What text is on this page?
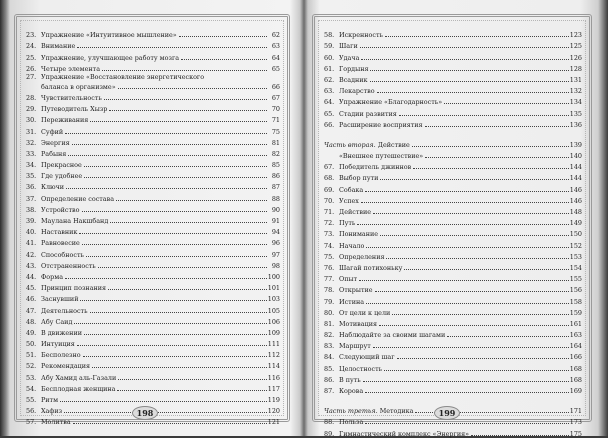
23. Упражнение «Интуитивное мышление»	62
24. Внимание	63
25. Упражнение, улучшающее работу мозга	64
26. Четыре элемента	65
27. Упражнение «Восстановление энергетического
баланса в организме»	66
28. Чувствительность	67
29. Путеводитель Хызр	70
30. Переживания	71
31. Суфий	75
32. Энергия	81
33. Рабыня	82
34. Прекрасное	85
35. Где удобнее	86
36. Ключи	87
37. Определение состава	88
38. Устройство	90
39. Маулана Накшбанд	91
40. Наставник	94
41. Равновесие	96
42. Способность	97
43. Отстраненность	98
44. Форма	100
45. Принцип познания	101
46. Заснувший	103
47. Деятельность	105
48. Абу Саид	106
49. В движении	109
50. Интуиция	111
51. Бесполезно	112
52. Рекомендация	114
53. Абу Хамид аль-Газали	116
54. Бесплодная женщина	117
55. Ритм	119
56. Хафиз	120
57. Молитва	121
198
58. Искренность	123
59. Шаги	125
60. Удача	126
61. Гордыня	128
62. Всадник	131
63. Лекарство	132
64. Упражнение «Благодарность»	134
65. Стадии развития	135
66. Расширение восприятия	136
Часть вторая. Действие	139
«Внешнее путешествие»	140
67. Победитель джиннов	144
68. Выбор пути	144
69. Собака	146
70. Успех	146
71. Действие	148
72. Путь	149
73. Понимание	150
74. Начало	152
75. Определения	153
76. Шагай потихоньку	154
77. Опыт	155
78. Открытие	156
79. Истина	158
80. От цели к цели	159
81. Мотивация	161
82. Наблюдайте за своими шагами	163
83. Маршрут	164
84. Следующий шаг	166
85. Целостность	168
86. В путь	168
87. Корова	169
Часть третья. Методика	171
88. Польза	173
89. Гимнастический комплекс «Энергия»	175
199
